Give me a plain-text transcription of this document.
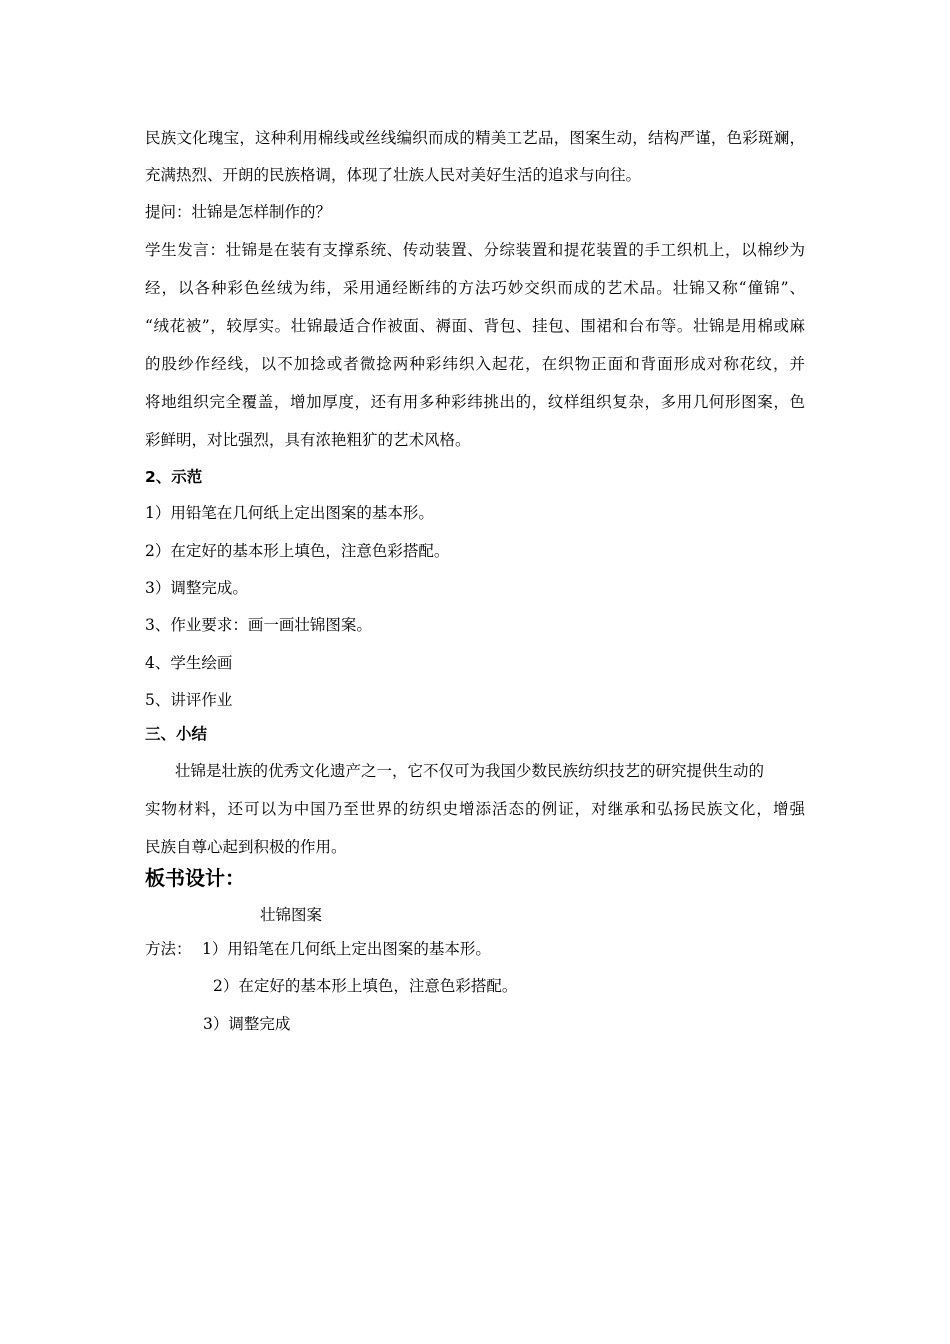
民族文化瑰宝，这种利用棉线或丝线编织而成的精美工艺品，图案生动，结构严谨，色彩斑斓，
充满热烈、开朗的民族格调，体现了壮族人民对美好生活的追求与向往。
提问：壮锦是怎样制作的？
学生发言：壮锦是在装有支撑系统、传动装置、分综装置和提花装置的手工织机上，以棉纱为
经，以各种彩色丝绒为纬，采用通经断纬的方法巧妙交织而成的艺术品。壮锦又称“僮锦”、
“绒花被”，较厚实。壮锦最适合作被面、褥面、背包、挂包、围裙和台布等。壮锦是用棉或麻
的股纱作经线，以不加捻或者微捻两种彩纬织入起花，在织物正面和背面形成对称花纹，并
将地组织完全覆盖，增加厚度，还有用多种彩纬挑出的，纹样组织复杂，多用几何形图案，色
彩鲜明，对比强烈，具有浓艳粗犷的艺术风格。
2、示范
1）用铅笔在几何纸上定出图案的基本形。
2）在定好的基本形上填色，注意色彩搭配。
3）调整完成。
3、作业要求：画一画壮锦图案。
4、学生绘画
5、讲评作业
三、小结
壮锦是壮族的优秀文化遗产之一，它不仅可为我国少数民族纺织技艺的研究提供生动的
实物材料，还可以为中国乃至世界的纺织史增添活态的例证，对继承和弘扬民族文化，增强
民族自尊心起到积极的作用。
板书设计：
壮锦图案
方法： 1）用铅笔在几何纸上定出图案的基本形。
2）在定好的基本形上填色，注意色彩搭配。
3）调整完成
